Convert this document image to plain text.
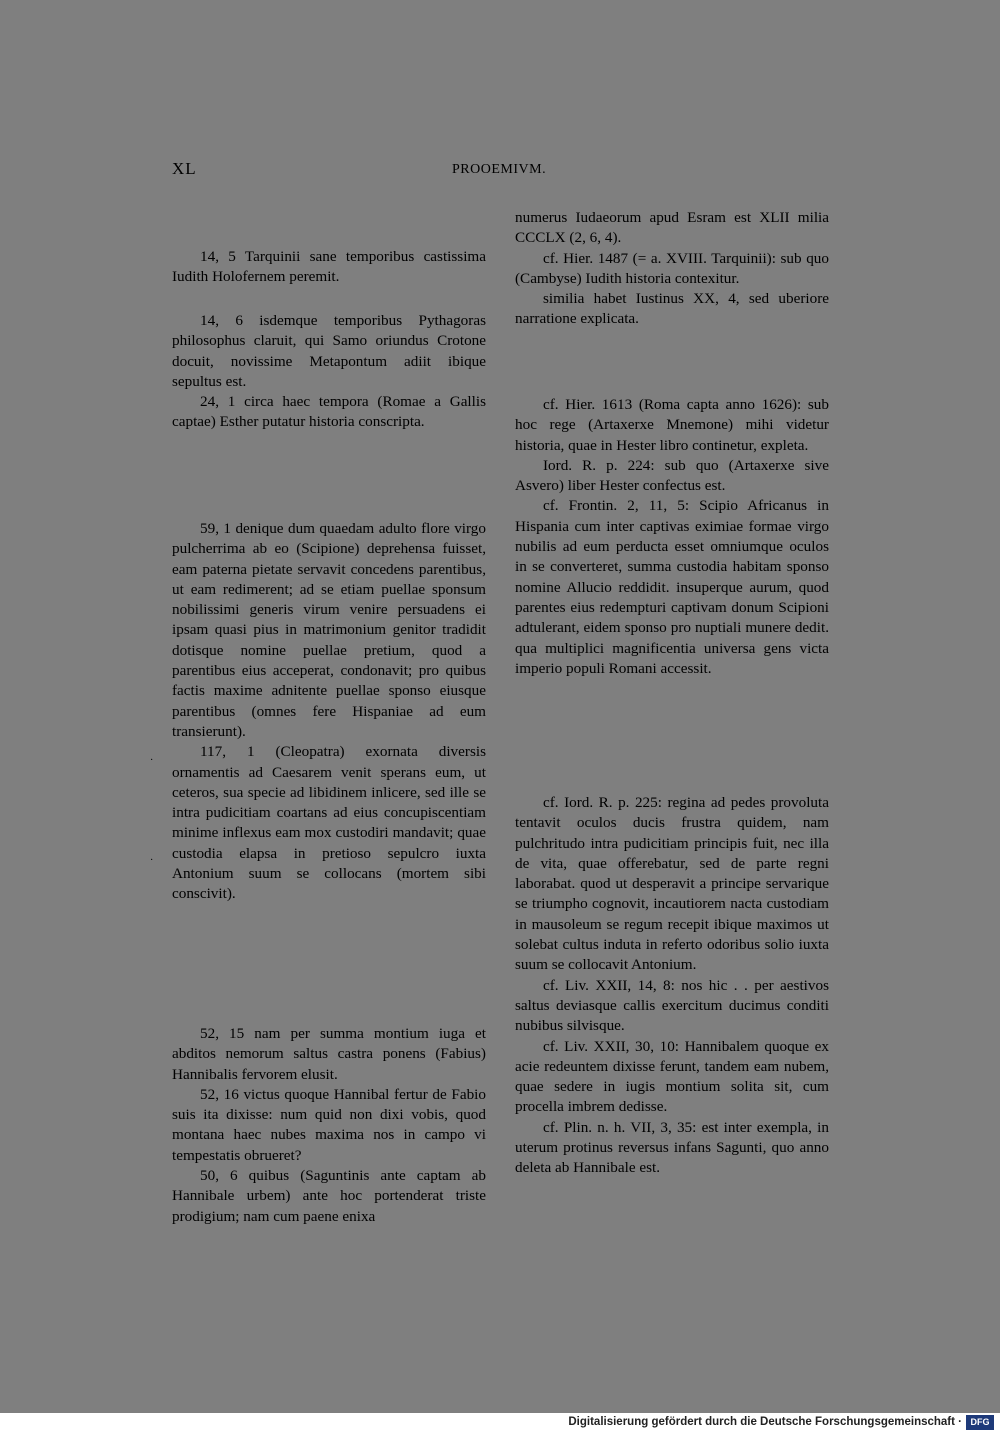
XL	PROOEMIVM.

14, 5 Tarquinii sane temporibus castissima Iudith Holofernem peremit.

14, 6 isdemque temporibus Pythagoras philosophus claruit, qui Samo oriundus Crotone docuit, novissime Metapontum adiit ibique sepultus est.

24, 1 circa haec tempora (Romae a Gallis captae) Esther putatur historia conscripta.

59, 1 denique dum quaedam adulto flore virgo pulcherrima ab eo (Scipione) deprehensa fuisset, eam paterna pietate servavit concedens parentibus, ut eam redimerent; ad se etiam puellae sponsum nobilissimi generis virum venire persuadens ei ipsam quasi pius in matrimonium genitor tradidit dotisque nomine puellae pretium, quod a parentibus eius acceperat, condonavit; pro quibus factis maxime adnitente puellae sponso eiusque parentibus (omnes fere Hispaniae ad eum transierunt).

117, 1 (Cleopatra) exornata diversis ornamentis ad Caesarem venit sperans eum, ut ceteros, sua specie ad libidinem inlicere, sed ille se intra pudicitiam coartans ad eius concupiscentiam minime inflexus eam mox custodiri mandavit; quae custodia elapsa in pretioso sepulcro iuxta Antonium suum se collocans (mortem sibi conscivit).

52, 15 nam per summa montium iuga et abditos nemorum saltus castra ponens (Fabius) Hannibalis fervorem elusit.

52, 16 victus quoque Hannibal fertur de Fabio suis ita dixisse: num quid non dixi vobis, quod montana haec nubes maxima nos in campo vi tempestatis obrueret?

50, 6 quibus (Saguntinis ante captam ab Hannibale urbem) ante hoc portenderat triste prodigium; nam cum paene enixa

numerus Iudaeorum apud Esram est XLII milia CCCLX (2, 6, 4).

cf. Hier. 1487 (= a. XVIII. Tarquinii): sub quo (Cambyse) Iudith historia contexitur.

similia habet Iustinus XX, 4, sed uberiore narratione explicata.

cf. Hier. 1613 (Roma capta anno 1626): sub hoc rege (Artaxerxe Mnemone) mihi videtur historia, quae in Hester libro continetur, expleta.

Iord. R. p. 224: sub quo (Artaxerxe sive Asvero) liber Hester confectus est.

cf. Frontin. 2, 11, 5: Scipio Africanus in Hispania cum inter captivas eximiae formae virgo nubilis ad eum perducta esset omniumque oculos in se converteret, summa custodia habitam sponso nomine Allucio reddidit. insuperque aurum, quod parentes eius redempturi captivam donum Scipioni adtulerant, eidem sponso pro nuptiali munere dedit. qua multiplici magnificentia universa gens victa imperio populi Romani accessit.

cf. Iord. R. p. 225: regina ad pedes provoluta tentavit oculos ducis frustra quidem, nam pulchritudo intra pudicitiam principis fuit, nec illa de vita, quae offerebatur, sed de parte regni laborabat. quod ut desperavit a principe servarique se triumpho cognovit, incautiorem nacta custodiam in mausoleum se regum recepit ibique maximos ut solebat cultus induta in referto odoribus solio iuxta suum se collocavit Antonium.

cf. Liv. XXII, 14, 8: nos hic . . per aestivos saltus deviasque callis exercitum ducimus conditi nubibus silvisque.

cf. Liv. XXII, 30, 10: Hannibalem quoque ex acie redeuntem dixisse ferunt, tandem eam nubem, quae sedere in iugis montium solita sit, cum procella imbrem dedisse.

cf. Plin. n. h. VII, 3, 35: est inter exempla, in uterum protinus reversus infans Sagunti, quo anno deleta ab Hannibale est.

·
·
Digitalisierung gefördert durch die Deutsche Forschungsgemeinschaft · DFG
